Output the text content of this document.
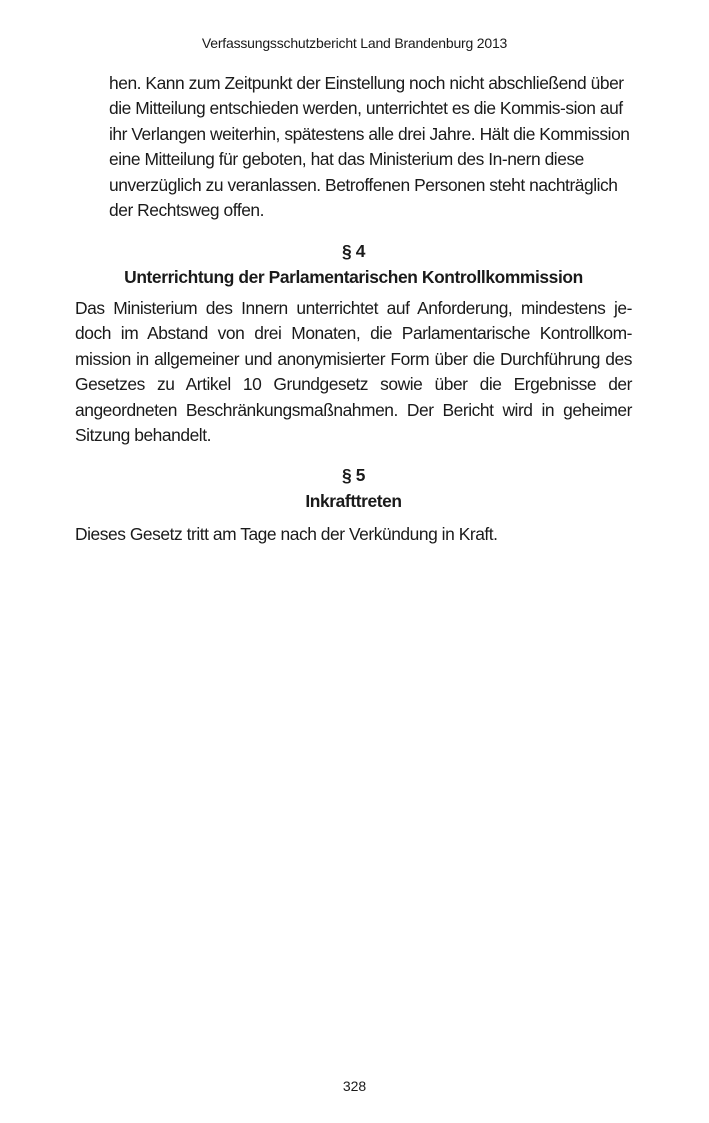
Verfassungsschutzbericht Land Brandenburg 2013

hen. Kann zum Zeitpunkt der Einstellung noch nicht abschließend über die Mitteilung entschieden werden, unterrichtet es die Kommis-sion auf ihr Verlangen weiterhin, spätestens alle drei Jahre. Hält die Kommission eine Mitteilung für geboten, hat das Ministerium des In-nern diese unverzüglich zu veranlassen. Betroffenen Personen steht nachträglich der Rechtsweg offen.

§ 4

Unterrichtung der Parlamentarischen Kontrollkommission

Das Ministerium des Innern unterrichtet auf Anforderung, mindestens je-doch im Abstand von drei Monaten, die Parlamentarische Kontrollkom-mission in allgemeiner und anonymisierter Form über die Durchführung des Gesetzes zu Artikel 10 Grundgesetz sowie über die Ergebnisse der angeordneten Beschränkungsmaßnahmen. Der Bericht wird in geheimer Sitzung behandelt.

§ 5

Inkrafttreten

Dieses Gesetz tritt am Tage nach der Verkündung in Kraft.

328
